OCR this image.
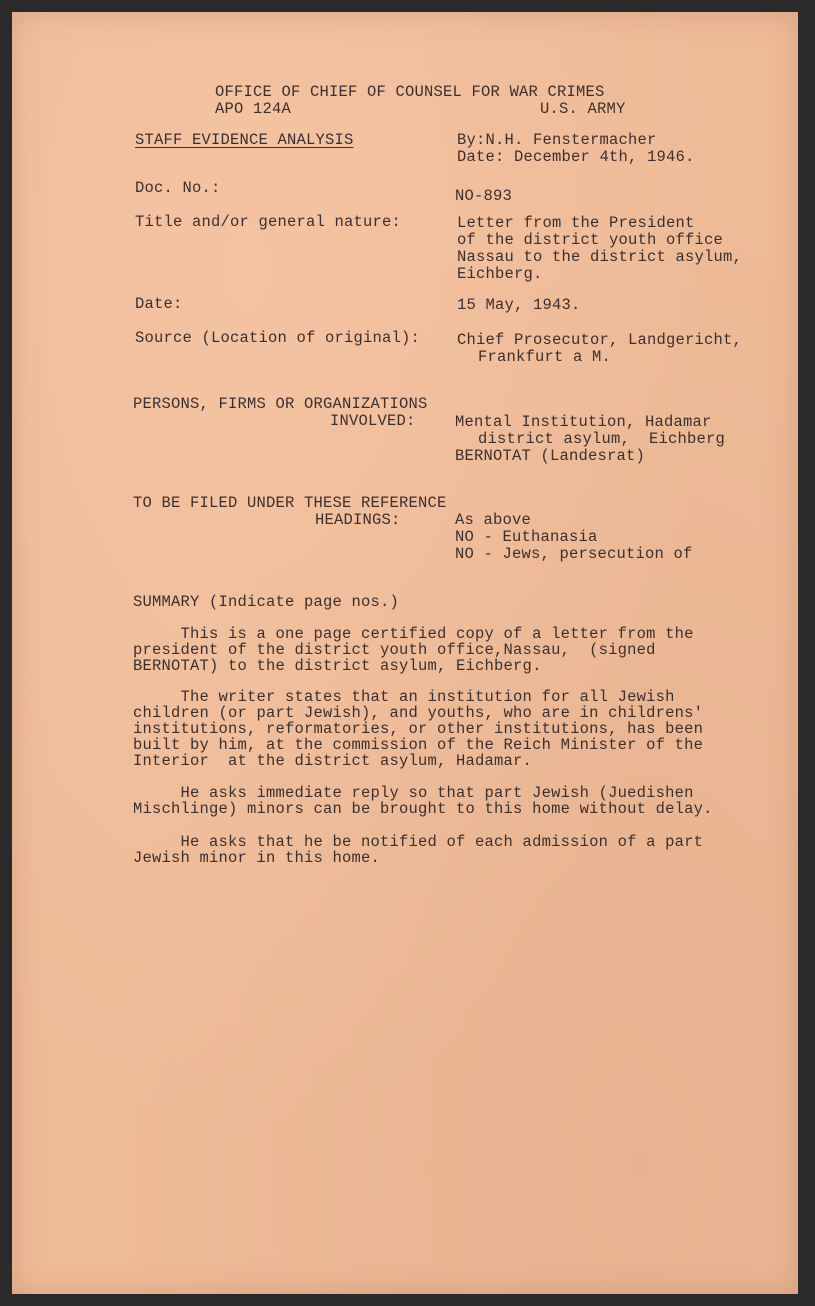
OFFICE OF CHIEF OF COUNSEL FOR WAR CRIMES
APO 124A	U.S. ARMY
STAFF EVIDENCE ANALYSIS	By:N.H. Fenstermacher
Date: December 4th, 1946.
Doc. No.:	NO-893
Title and/or general nature:	Letter from the President
of the district youth office
Nassau to the district asylum,
Eichberg.
Date:	15 May, 1943.
Source (Location of original): Chief Prosecutor, Landgericht,
Frankfurt a M.
PERSONS, FIRMS OR ORGANIZATIONS
INVOLVED:	Mental Institution, Hadamar
district asylum,  Eichberg
BERNOTAT (Landesrat)
TO BE FILED UNDER THESE REFERENCE
HEADINGS:	As above
NO - Euthanasia
NO - Jews, persecution of
SUMMARY (Indicate page nos.)
This is a one page certified copy of a letter from the
president of the district youth office,Nassau,  (signed
BERNOTAT) to the district asylum, Eichberg.
The writer states that an institution for all Jewish
children (or part Jewish), and youths, who are in childrens'
institutions, reformatories, or other institutions, has been
built by him, at the commission of the Reich Minister of the
Interior  at the district asylum, Hadamar.
He asks immediate reply so that part Jewish (Juedishen
Mischlinge) minors can be brought to this home without delay.
He asks that he be notified of each admission of a part
Jewish minor in this home.
